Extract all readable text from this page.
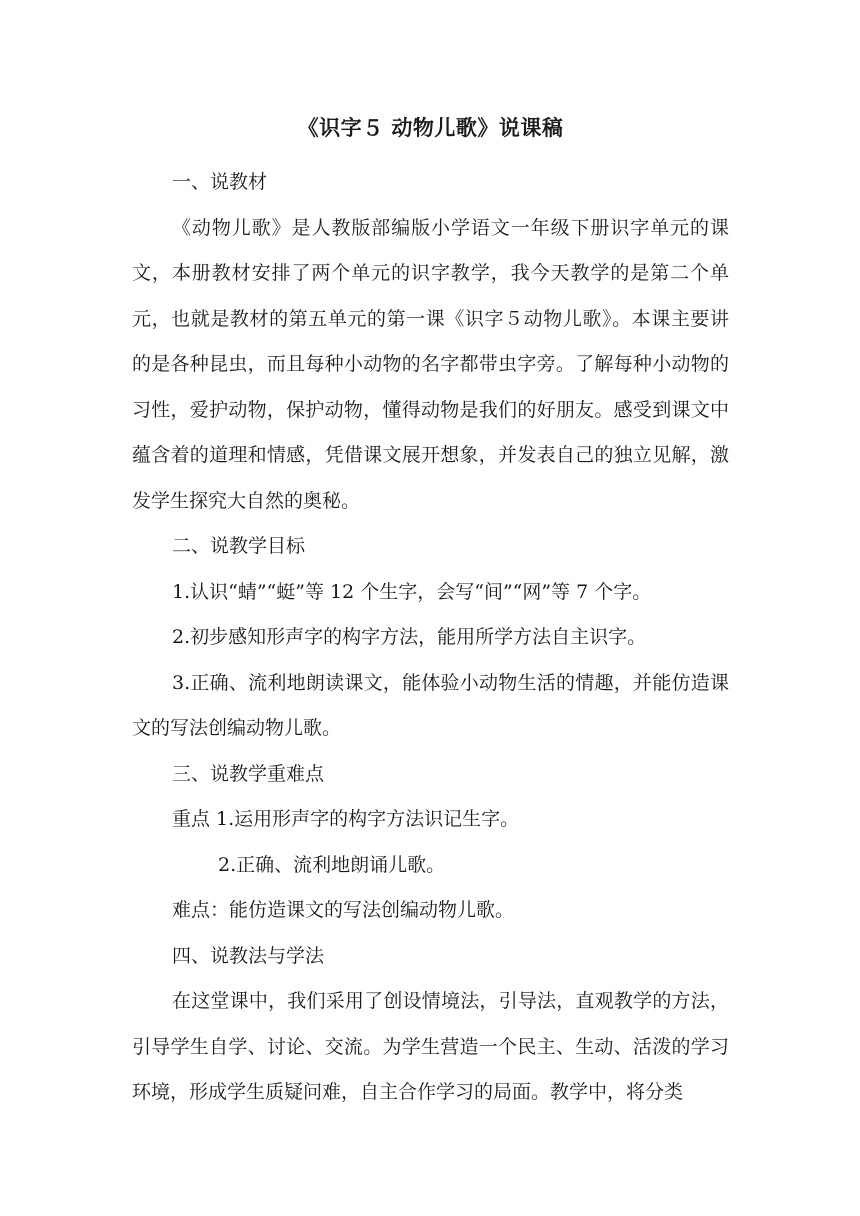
《识字５ 动物儿歌》说课稿

一、说教材

《动物儿歌》是人教版部编版小学语文一年级下册识字单元的课文，本册教材安排了两个单元的识字教学，我今天教学的是第二个单元，也就是教材的第五单元的第一课《识字５动物儿歌》。本课主要讲的是各种昆虫，而且每种小动物的名字都带虫字旁。了解每种小动物的习性，爱护动物，保护动物，懂得动物是我们的好朋友。感受到课文中蕴含着的道理和情感，凭借课文展开想象，并发表自己的独立见解，激发学生探究大自然的奥秘。

二、说教学目标

1.认识“蜻”“蜓”等 12 个生字，会写“间”“网”等 7 个字。

2.初步感知形声字的构字方法，能用所学方法自主识字。

3.正确、流利地朗读课文，能体验小动物生活的情趣，并能仿造课文的写法创编动物儿歌。

三、说教学重难点

重点 1.运用形声字的构字方法识记生字。

2.正确、流利地朗诵儿歌。

难点：能仿造课文的写法创编动物儿歌。

四、说教法与学法

在这堂课中，我们采用了创设情境法，引导法，直观教学的方法，引导学生自学、讨论、交流。为学生营造一个民主、生动、活泼的学习环境，形成学生质疑问难，自主合作学习的局面。教学中，将分类
